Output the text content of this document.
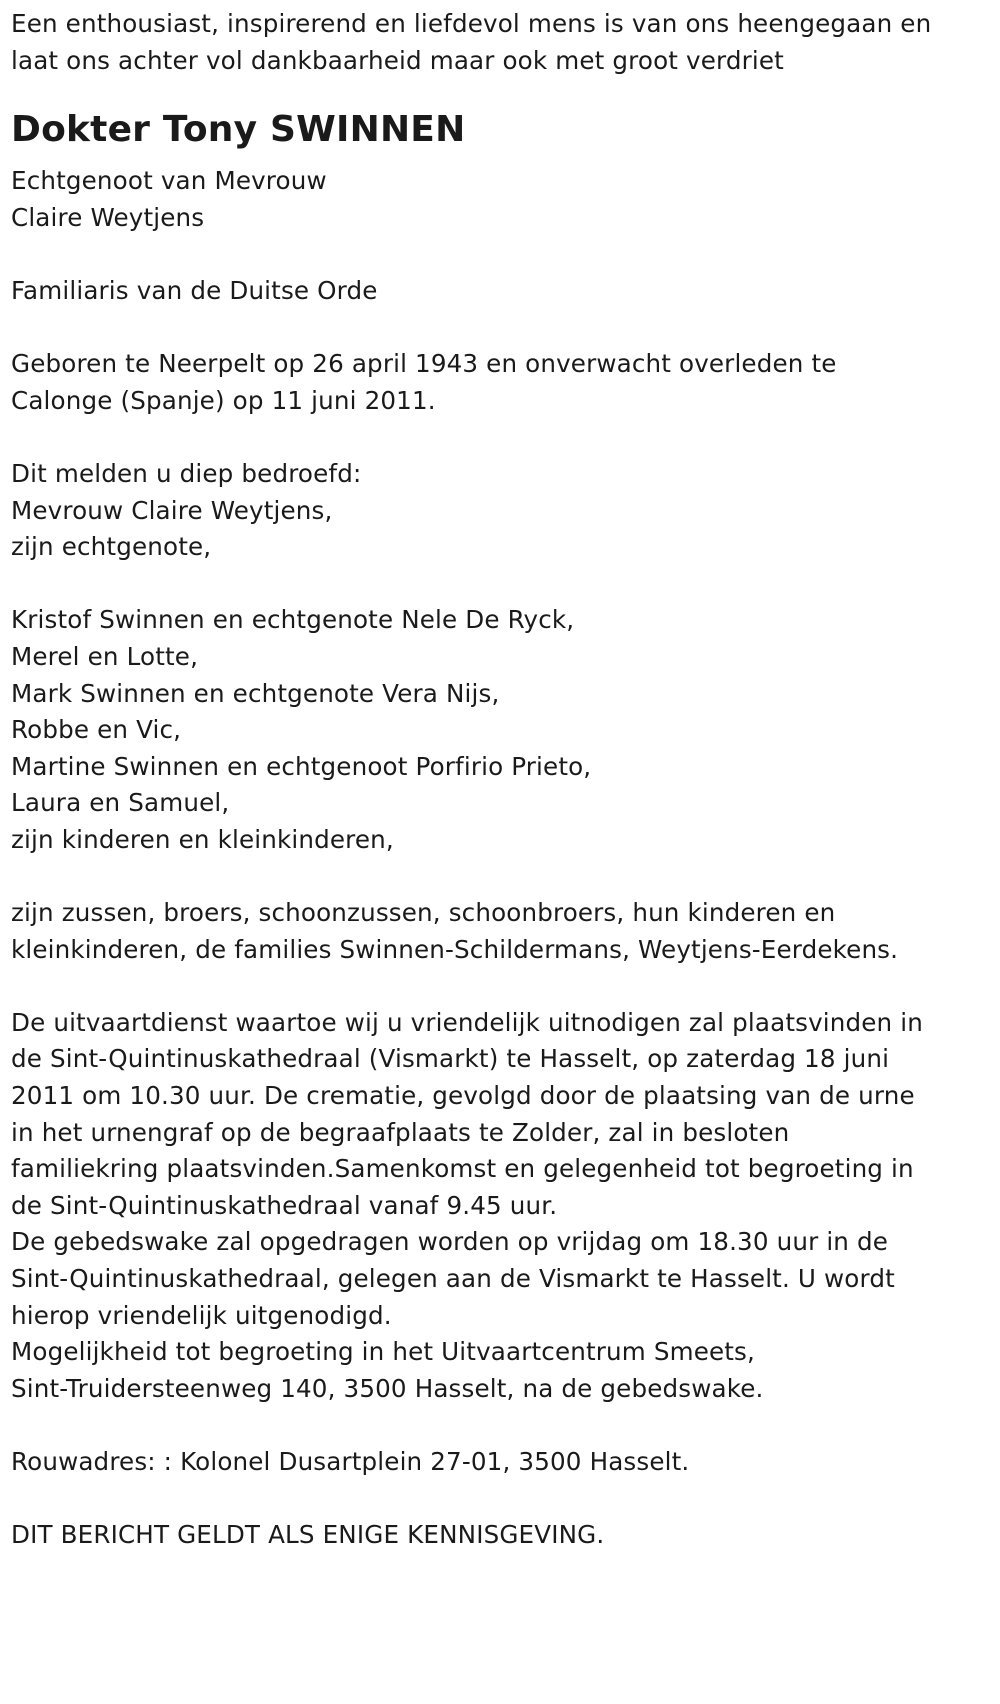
Een enthousiast, inspirerend en liefdevol mens is van ons heengegaan en
laat ons achter vol dankbaarheid maar ook met groot verdriet
Dokter Tony SWINNEN
Echtgenoot van Mevrouw
Claire Weytjens
Familiaris van de Duitse Orde
Geboren te Neerpelt op 26 april 1943 en onverwacht overleden te
Calonge (Spanje) op 11 juni 2011.
Dit melden u diep bedroefd:
Mevrouw Claire Weytjens,
zijn echtgenote,
Kristof Swinnen en echtgenote Nele De Ryck,
Merel en Lotte,
Mark Swinnen en echtgenote Vera Nijs,
Robbe en Vic,
Martine Swinnen en echtgenoot Porfirio Prieto,
Laura en Samuel,
zijn kinderen en kleinkinderen,
zijn zussen, broers, schoonzussen, schoonbroers, hun kinderen en
kleinkinderen, de families Swinnen-Schildermans, Weytjens-Eerdekens.
De uitvaartdienst waartoe wij u vriendelijk uitnodigen zal plaatsvinden in
de Sint-Quintinuskathedraal (Vismarkt) te Hasselt, op zaterdag 18 juni
2011 om 10.30 uur. De crematie, gevolgd door de plaatsing van de urne
in het urnengraf op de begraafplaats te Zolder, zal in besloten
familiekring plaatsvinden.Samenkomst en gelegenheid tot begroeting in
de Sint-Quintinuskathedraal vanaf 9.45 uur.
De gebedswake zal opgedragen worden op vrijdag om 18.30 uur in de
Sint-Quintinuskathedraal, gelegen aan de Vismarkt te Hasselt. U wordt
hierop vriendelijk uitgenodigd.
Mogelijkheid tot begroeting in het Uitvaartcentrum Smeets,
Sint-Truidersteenweg 140, 3500 Hasselt, na de gebedswake.
Rouwadres: : Kolonel Dusartplein 27-01, 3500 Hasselt.
DIT BERICHT GELDT ALS ENIGE KENNISGEVING.
